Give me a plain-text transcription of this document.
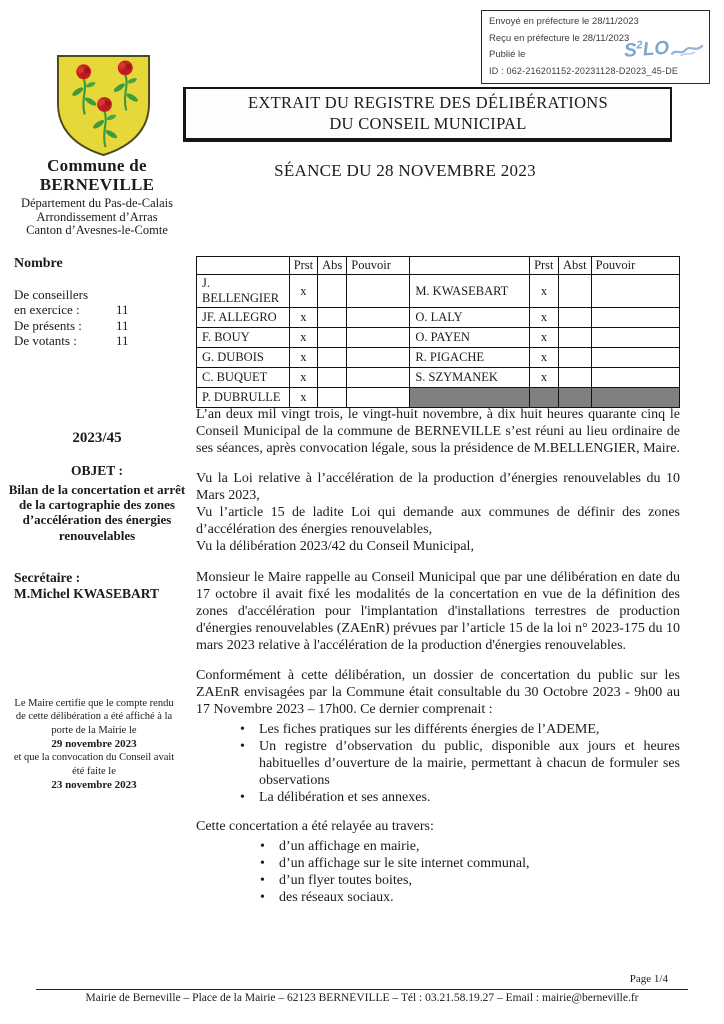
Envoyé en préfecture le 28/11/2023
Reçu en préfecture le 28/11/2023
Publié le
ID : 062-216201152-20231128-D2023_45-DE
$S^2LO$
Commune de
BERNEVILLE
Département du Pas-de-Calais
Arrondissement d’Arras
Canton d’Avesnes-le-Comte
EXTRAIT DU REGISTRE DES DÉLIBÉRATIONS
DU CONSEIL MUNICIPAL
SÉANCE DU 28 NOVEMBRE 2023
Nombre
De conseillers
en exercice :	11
De présents :	11
De votants :	11
2023/45
OBJET :
Bilan de la concertation et arrêt de la cartographie des zones d’accélération des énergies renouvelables
Secrétaire :
M.Michel KWASEBART
Le Maire certifie que le compte rendu de cette délibération a été affiché à la porte de la Mairie le
29 novembre 2023
et que la convocation du Conseil avait été faite le
23 novembre 2023
	Prst	Abs	Pouvoir		Prst	Abst	Pouvoir
J. BELLENGIER	x			M. KWASEBART	x		
JF. ALLEGRO	x			O. LALY	x		
F. BOUY	x			O. PAYEN	x		
G. DUBOIS	x			R. PIGACHE	x		
C. BUQUET	x			S. SZYMANEK	x		
P. DUBRULLE	x						

L’an deux mil vingt trois, le vingt-huit novembre, à dix huit heures quarante cinq le Conseil Municipal de la commune de BERNEVILLE s’est réuni au lieu ordinaire de ses séances, après convocation légale, sous la présidence de M.BELLENGIER, Maire.

Vu la Loi relative à l’accélération de la production d’énergies renouvelables du 10 Mars 2023,

Vu l’article 15 de ladite Loi qui demande aux communes de définir des zones d’accélération des énergies renouvelables,

Vu la délibération 2023/42 du Conseil Municipal,

Monsieur le Maire rappelle au Conseil Municipal que par une délibération en date du 17 octobre il avait fixé les modalités de la concertation en vue de la définition des zones d'accélération pour l'implantation d'installations terrestres de production d'énergies renouvelables (ZAEnR) prévues par l’article 15 de la loi n° 2023-175 du 10 mars 2023 relative à l'accélération de la production d'énergies renouvelables.

Conformément à cette délibération, un dossier de concertation du public sur les ZAEnR envisagées par la Commune était consultable du 30 Octobre 2023 - 9h00 au 17 Novembre 2023 – 17h00. Ce dernier comprenait :

• Les fiches pratiques sur les différents énergies de l’ADEME,
• Un registre d’observation du public, disponible aux jours et heures habituelles d’ouverture de la mairie, permettant à chacun de formuler ses observations
• La délibération et ses annexes.

Cette concertation a été relayée au travers:

• d’un affichage en mairie,
• d’un affichage sur le site internet communal,
• d’un flyer toutes boites,
• des réseaux sociaux.
Page 1/4
Mairie de Berneville – Place de la Mairie – 62123 BERNEVILLE – Tél : 03.21.58.19.27 – Email : mairie@berneville.fr
